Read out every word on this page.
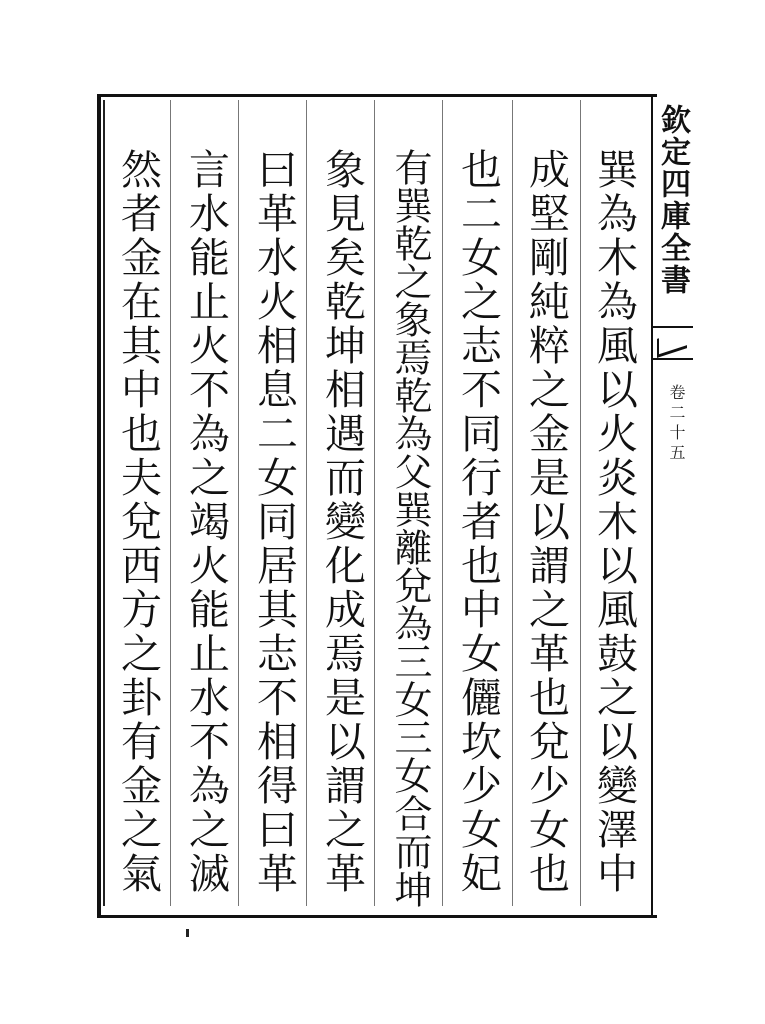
欽定四庫全書
卷二十五
巽為木為風以火炎木以風鼓之以變澤中
成堅剛純粹之金是以謂之革也兌少女也
也二女之志不同行者也中女儷坎少女妃
有巽乾之象焉乾為父巽離兌為三女三女合而坤
象見矣乾坤相遇而變化成焉是以謂之革
曰革水火相息二女同居其志不相得曰革
言水能止火不為之竭火能止水不為之滅
然者金在其中也夫兌西方之卦有金之氣
